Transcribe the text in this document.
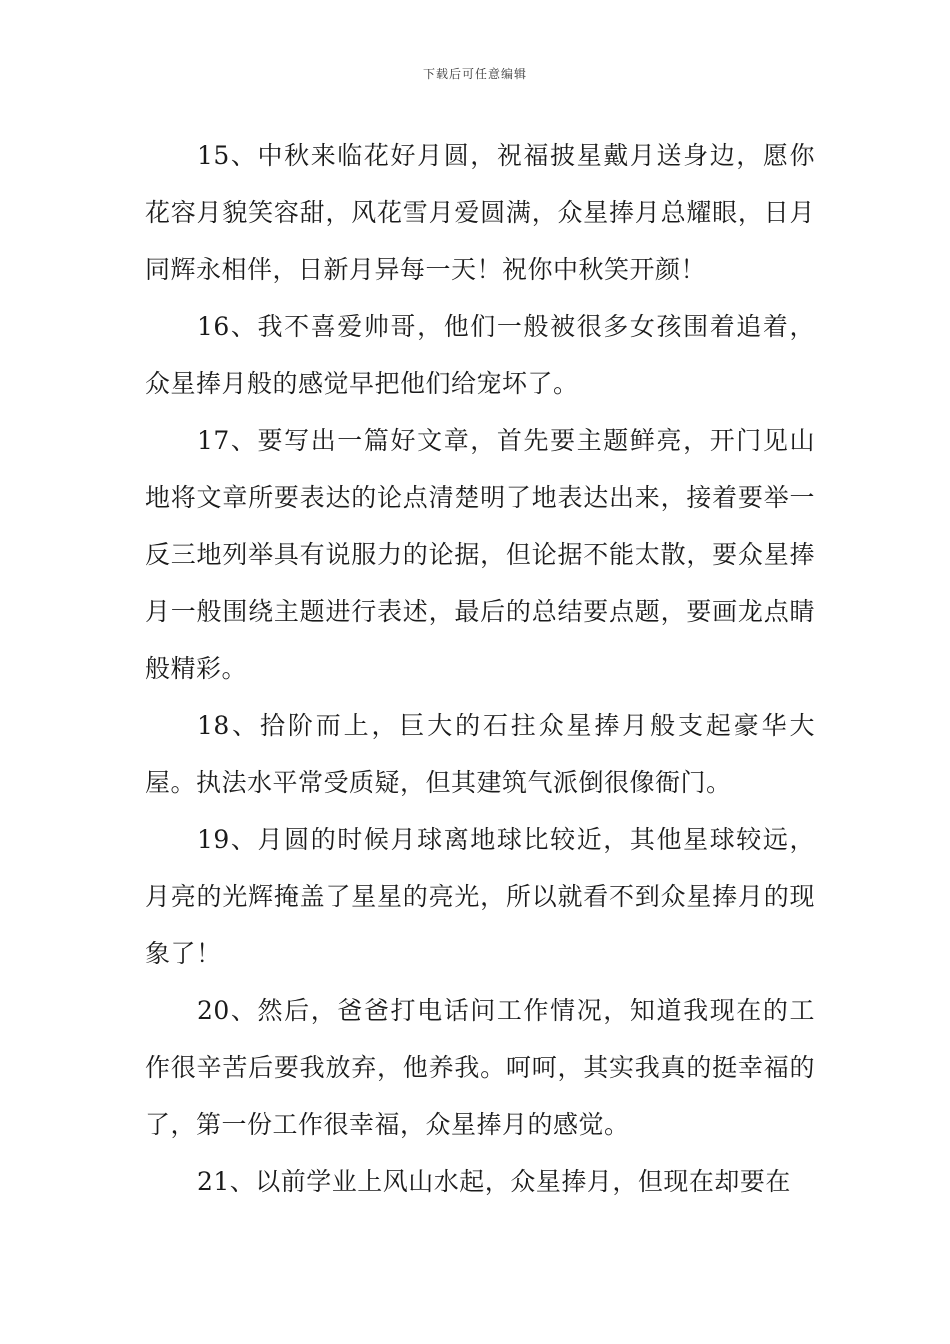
下载后可任意编辑

15、中秋来临花好月圆，祝福披星戴月送身边，愿你花容月貌笑容甜，风花雪月爱圆满，众星捧月总耀眼，日月同辉永相伴，日新月异每一天！祝你中秋笑开颜！

16、我不喜爱帅哥，他们一般被很多女孩围着追着，众星捧月般的感觉早把他们给宠坏了。

17、要写出一篇好文章，首先要主题鲜亮，开门见山地将文章所要表达的论点清楚明了地表达出来，接着要举一反三地列举具有说服力的论据，但论据不能太散，要众星捧月一般围绕主题进行表述，最后的总结要点题，要画龙点睛般精彩。

18、拾阶而上，巨大的石拄众星捧月般支起豪华大屋。执法水平常受质疑，但其建筑气派倒很像衙门。

19、月圆的时候月球离地球比较近，其他星球较远，月亮的光辉掩盖了星星的亮光，所以就看不到众星捧月的现象了！

20、然后，爸爸打电话问工作情况，知道我现在的工作很辛苦后要我放弃，他养我。呵呵，其实我真的挺幸福的了，第一份工作很幸福，众星捧月的感觉。

21、以前学业上风山水起，众星捧月，但现在却要在
